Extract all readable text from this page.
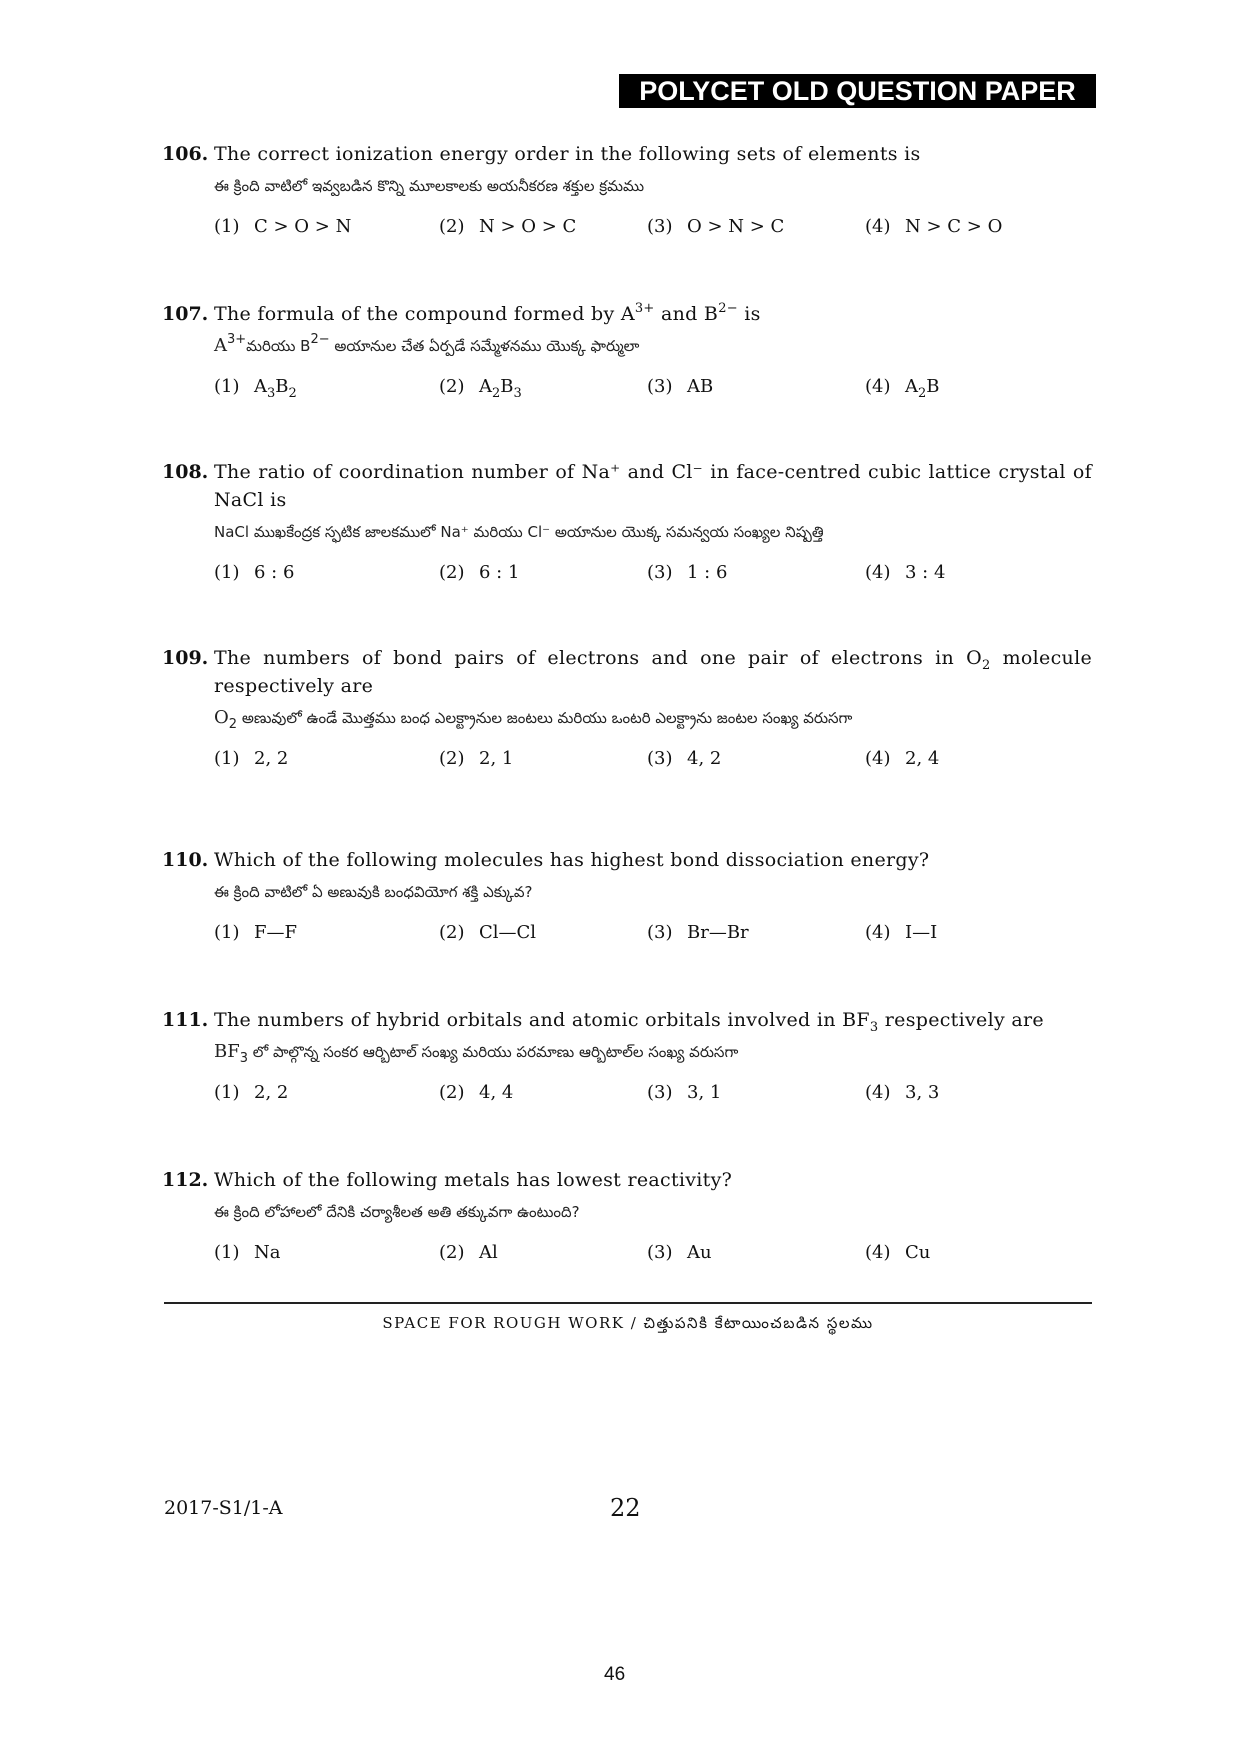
POLYCET OLD QUESTION PAPER
106. The correct ionization energy order in the following sets of elements is
ఈ క్రింది వాటిలో ఇవ్వబడిన కొన్ని మూలకాలకు అయనీకరణ శక్తుల క్రమము
(1) C > O > N	(2) N > O > C	(3) O > N > C	(4) N > C > O
107. The formula of the compound formed by $A^{3+}$ and $B^{2-}$ is
$A^{3+}మరియు$ $B^{2-}$ అయానుల చేత ఏర్పడే సమ్మేళనము యొక్క ఫార్ములా
(1) $A_3B_2$	(2) $A_2B_3$	(3) AB	(4) $A_2B$
108. The ratio of coordination number of Na⁺ and Cl⁻ in face-centred cubic lattice crystal of NaCl is
NaCl ముఖకేంద్రక స్ఫటిక జాలకములో Na⁺ మరియు Cl⁻ అయానుల యొక్క సమన్వయ సంఖ్యల నిష్పత్తి
(1) 6 : 6	(2) 6 : 1	(3) 1 : 6	(4) 3 : 4
109. The numbers of bond pairs of electrons and one pair of electrons in $O_2$ molecule respectively are
$O_2$ అణువులో ఉండే మొత్తము బంధ ఎలక్ట్రానుల జంటలు మరియు ఒంటరి ఎలక్ట్రాను జంటల సంఖ్య వరుసగా
(1) 2, 2	(2) 2, 1	(3) 4, 2	(4) 2, 4
110. Which of the following molecules has highest bond dissociation energy?
ఈ క్రింది వాటిలో ఏ అణువుకి బంధవియోగ శక్తి ఎక్కువ?
(1) F—F	(2) Cl—Cl	(3) Br—Br	(4) I—I
111. The numbers of hybrid orbitals and atomic orbitals involved in $BF_3$ respectively are
$BF_3$ లో పాల్గొన్న సంకర ఆర్బిటాల్ సంఖ్య మరియు పరమాణు ఆర్బిటాల్‌ల సంఖ్య వరుసగా
(1) 2, 2	(2) 4, 4	(3) 3, 1	(4) 3, 3
112. Which of the following metals has lowest reactivity?
ఈ క్రింది లోహాలలో దేనికి చర్యాశీలత అతి తక్కువగా ఉంటుంది?
(1) Na	(2) Al	(3) Au	(4) Cu
SPACE FOR ROUGH WORK / చిత్తుపనికి కేటాయించబడిన స్థలము
2017-S1/1-A	22
46
